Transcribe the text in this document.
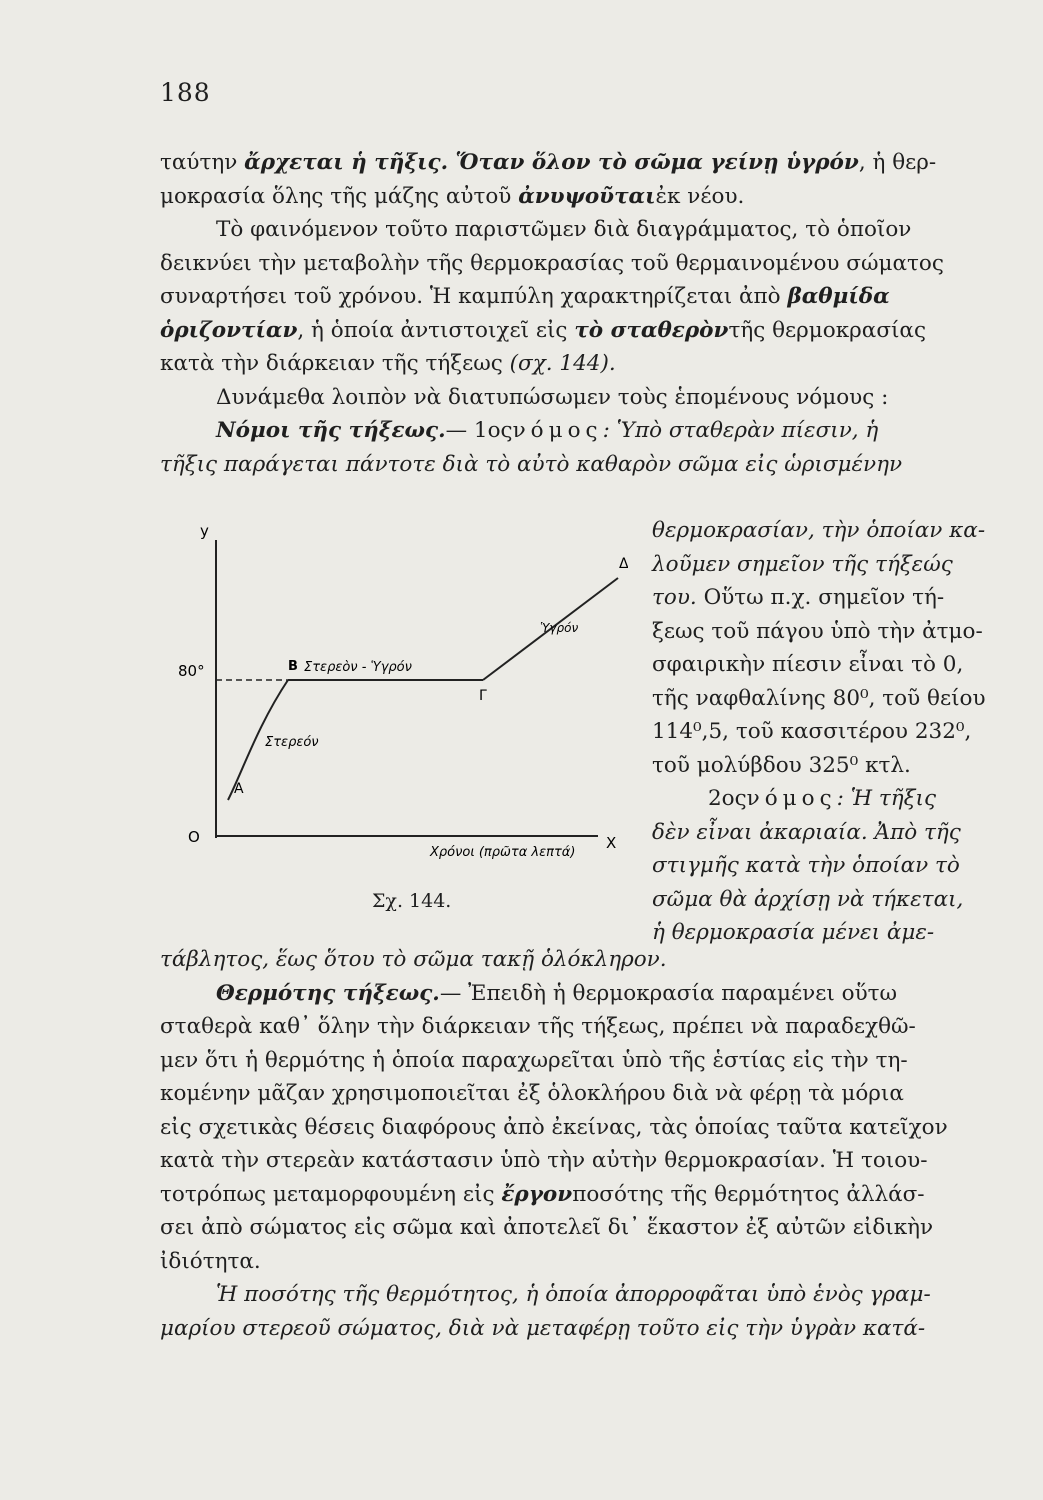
188
ταύτην ἄρχεται ἡ τῆξις. Ὅταν ὅλον τὸ σῶμα γείνῃ ὑγρόν, ἡ θερ-
μοκρασία ὅλης τῆς μάζης αὐτοῦ
ἀνυψοῦται ἐκ νέου.
Τὸ φαινόμενον τοῦτο παριστῶμεν διὰ διαγράμματος, τὸ ὁποῖον
δεικνύει τὴν μεταβολὴν τῆς θερμοκρασίας τοῦ θερμαινομένου σώματος
συναρτήσει τοῦ χρόνου. Ἡ καμπύλη χαρακτηρίζεται ἀπὸ
βαθμίδα
ὁριζοντίαν , ἡ ὁποία ἀντιστοιχεῖ εἰς
τὸ σταθερὸν τῆς θερμοκρασίας
κατὰ τὴν διάρκειαν τῆς τήξεως
(σχ. 144).
Δυνάμεθα λοιπὸν νὰ διατυπώσωμεν τοὺς ἑπομένους νόμους :
Νόμοι τῆς τήξεως. — 1ος νόμος : Ὑπὸ σταθερὰν πίεσιν, ἡ
τῆξις παράγεται πάντοτε διὰ τὸ αὐτὸ καθαρὸν σῶμα εἰς ὡρισμένην
θερμοκρασίαν, τὴν ὁποίαν κα-
λοῦμεν σημεῖον τῆς τήξεώς
του.
Οὕτω π.χ. σημεῖον τή-
ξεως τοῦ πάγου ὑπὸ τὴν ἀτμο-
σφαιρικὴν πίεσιν εἶναι τὸ 0,
τῆς ναφθαλίνης 80⁰, τοῦ θείου
114⁰,5, τοῦ κασσιτέρου 232⁰,
τοῦ μολύβδου 325⁰ κτλ.
2ος νόμος : Ἡ τῆξις
δὲν εἶναι ἀκαριαία. Ἀπὸ τῆς
στιγμῆς κατὰ τὴν ὁποίαν τὸ
σῶμα θὰ ἀρχίσῃ νὰ τήκεται,
ἡ θερμοκρασία μένει ἀμε-
y
X
O
80°
A
B
Γ
Δ
Στερεόν
Στερεὸν - Ὑγρόν
Ὑγρόν
Χρόνοι (πρῶτα λεπτά)
Σχ. 144.
τάβλητος, ἕως ὅτου τὸ σῶμα τακῇ ὁλόκληρον.
Θερμότης τήξεως. — Ἐπειδὴ ἡ θερμοκρασία παραμένει οὕτω
σταθερὰ καθ᾽ ὅλην τὴν διάρκειαν τῆς τήξεως, πρέπει νὰ παραδεχθῶ-
μεν ὅτι ἡ θερμότης ἡ ὁποία παραχωρεῖται ὑπὸ τῆς ἑστίας εἰς τὴν τη-
κομένην μᾶζαν χρησιμοποιεῖται ἐξ ὁλοκλήρου διὰ νὰ φέρῃ τὰ μόρια
εἰς σχετικὰς θέσεις διαφόρους ἀπὸ ἐκείνας, τὰς ὁποίας ταῦτα κατεῖχον
κατὰ τὴν στερεὰν κατάστασιν ὑπὸ τὴν αὐτὴν θερμοκρασίαν. Ἡ τοιου-
τοτρόπως μεταμορφουμένη εἰς
ἔργον ποσότης τῆς θερμότητος ἀλλάσ-
σει ἀπὸ σώματος εἰς σῶμα καὶ ἀποτελεῖ δι᾽ ἕκαστον ἐξ αὐτῶν εἰδικὴν
ἰδιότητα.
Ἡ ποσότης τῆς θερμότητος, ἡ ὁποία ἀπορροφᾶται ὑπὸ ἑνὸς γραμ-
μαρίου στερεοῦ σώματος, διὰ νὰ μεταφέρῃ τοῦτο εἰς τὴν ὑγρὰν κατά-
